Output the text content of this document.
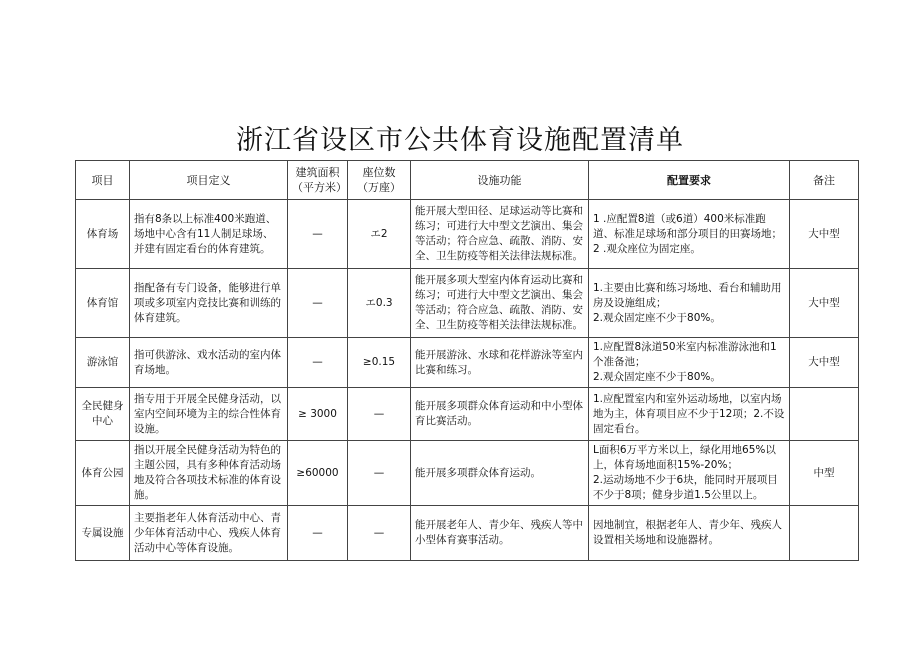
浙江省设区市公共体育设施配置清单
项目	项目定义	建筑面积（平方米）	座位数（万座）	设施功能	配置要求	备注
体育场	指有8条以上标准400米跑道、场地中心含有11人制足球场、并建有固定看台的体育建筑。	—	エ2	能开展大型田径、足球运动等比赛和练习；可进行大中型文艺演出、集会等活动；符合应急、疏散、消防、安全、卫生防疫等相关法律法规标准。	1 .应配置8道（或6道）400米标准跑道、标准足球场和部分项目的田赛场地；
2 .观众座位为固定座。	大中型
体育馆	指配备有专门设备，能够进行单项或多项室内竞技比赛和训练的体育建筑。	—	エ0.3	能开展多项大型室内体育运动比赛和练习；可进行大中型文艺演出、集会等活动；符合应急、疏散、消防、安全、卫生防疫等相关法律法规标准。	1.主要由比赛和练习场地、看台和辅助用房及设施组成；
2.观众固定座不少于80%。	大中型
游泳馆	指可供游泳、戏水活动的室内体育场地。	—	≥0.15	能开展游泳、水球和花样游泳等室内比赛和练习。	1.应配置8泳道50米室内标准游泳池和1个准备池；
2.观众固定座不少于80%。	大中型
全民健身中心	指专用于开展全民健身活动，以室内空间环境为主的综合性体育设施。	≥ 3000	—	能开展多项群众体育运动和中小型体育比赛活动。	1.应配置室内和室外运动场地，以室内场地为主，体育项目应不少于12项；2.不设固定看台。	

体育公园	指以开展全民健身活动为特色的主题公园，具有多种体育活动场地及符合各项技术标准的体育设施。	≥60000	—	能开展多项群众体育运动。	L面积6万平方米以上，绿化用地65%以上，体育场地面积15%-20%；
2.运动场地不少于6块，能同时开展项目不少于8项；健身步道1.5公里以上。	中型
专属设施	主要指老年人体育活动中心、青少年体育活动中心、残疾人体育活动中心等体育设施。	—	—	能开展老年人、青少年、残疾人等中小型体育赛事活动。	因地制宜，根据老年人、青少年、残疾人设置相关场地和设施器材。	
